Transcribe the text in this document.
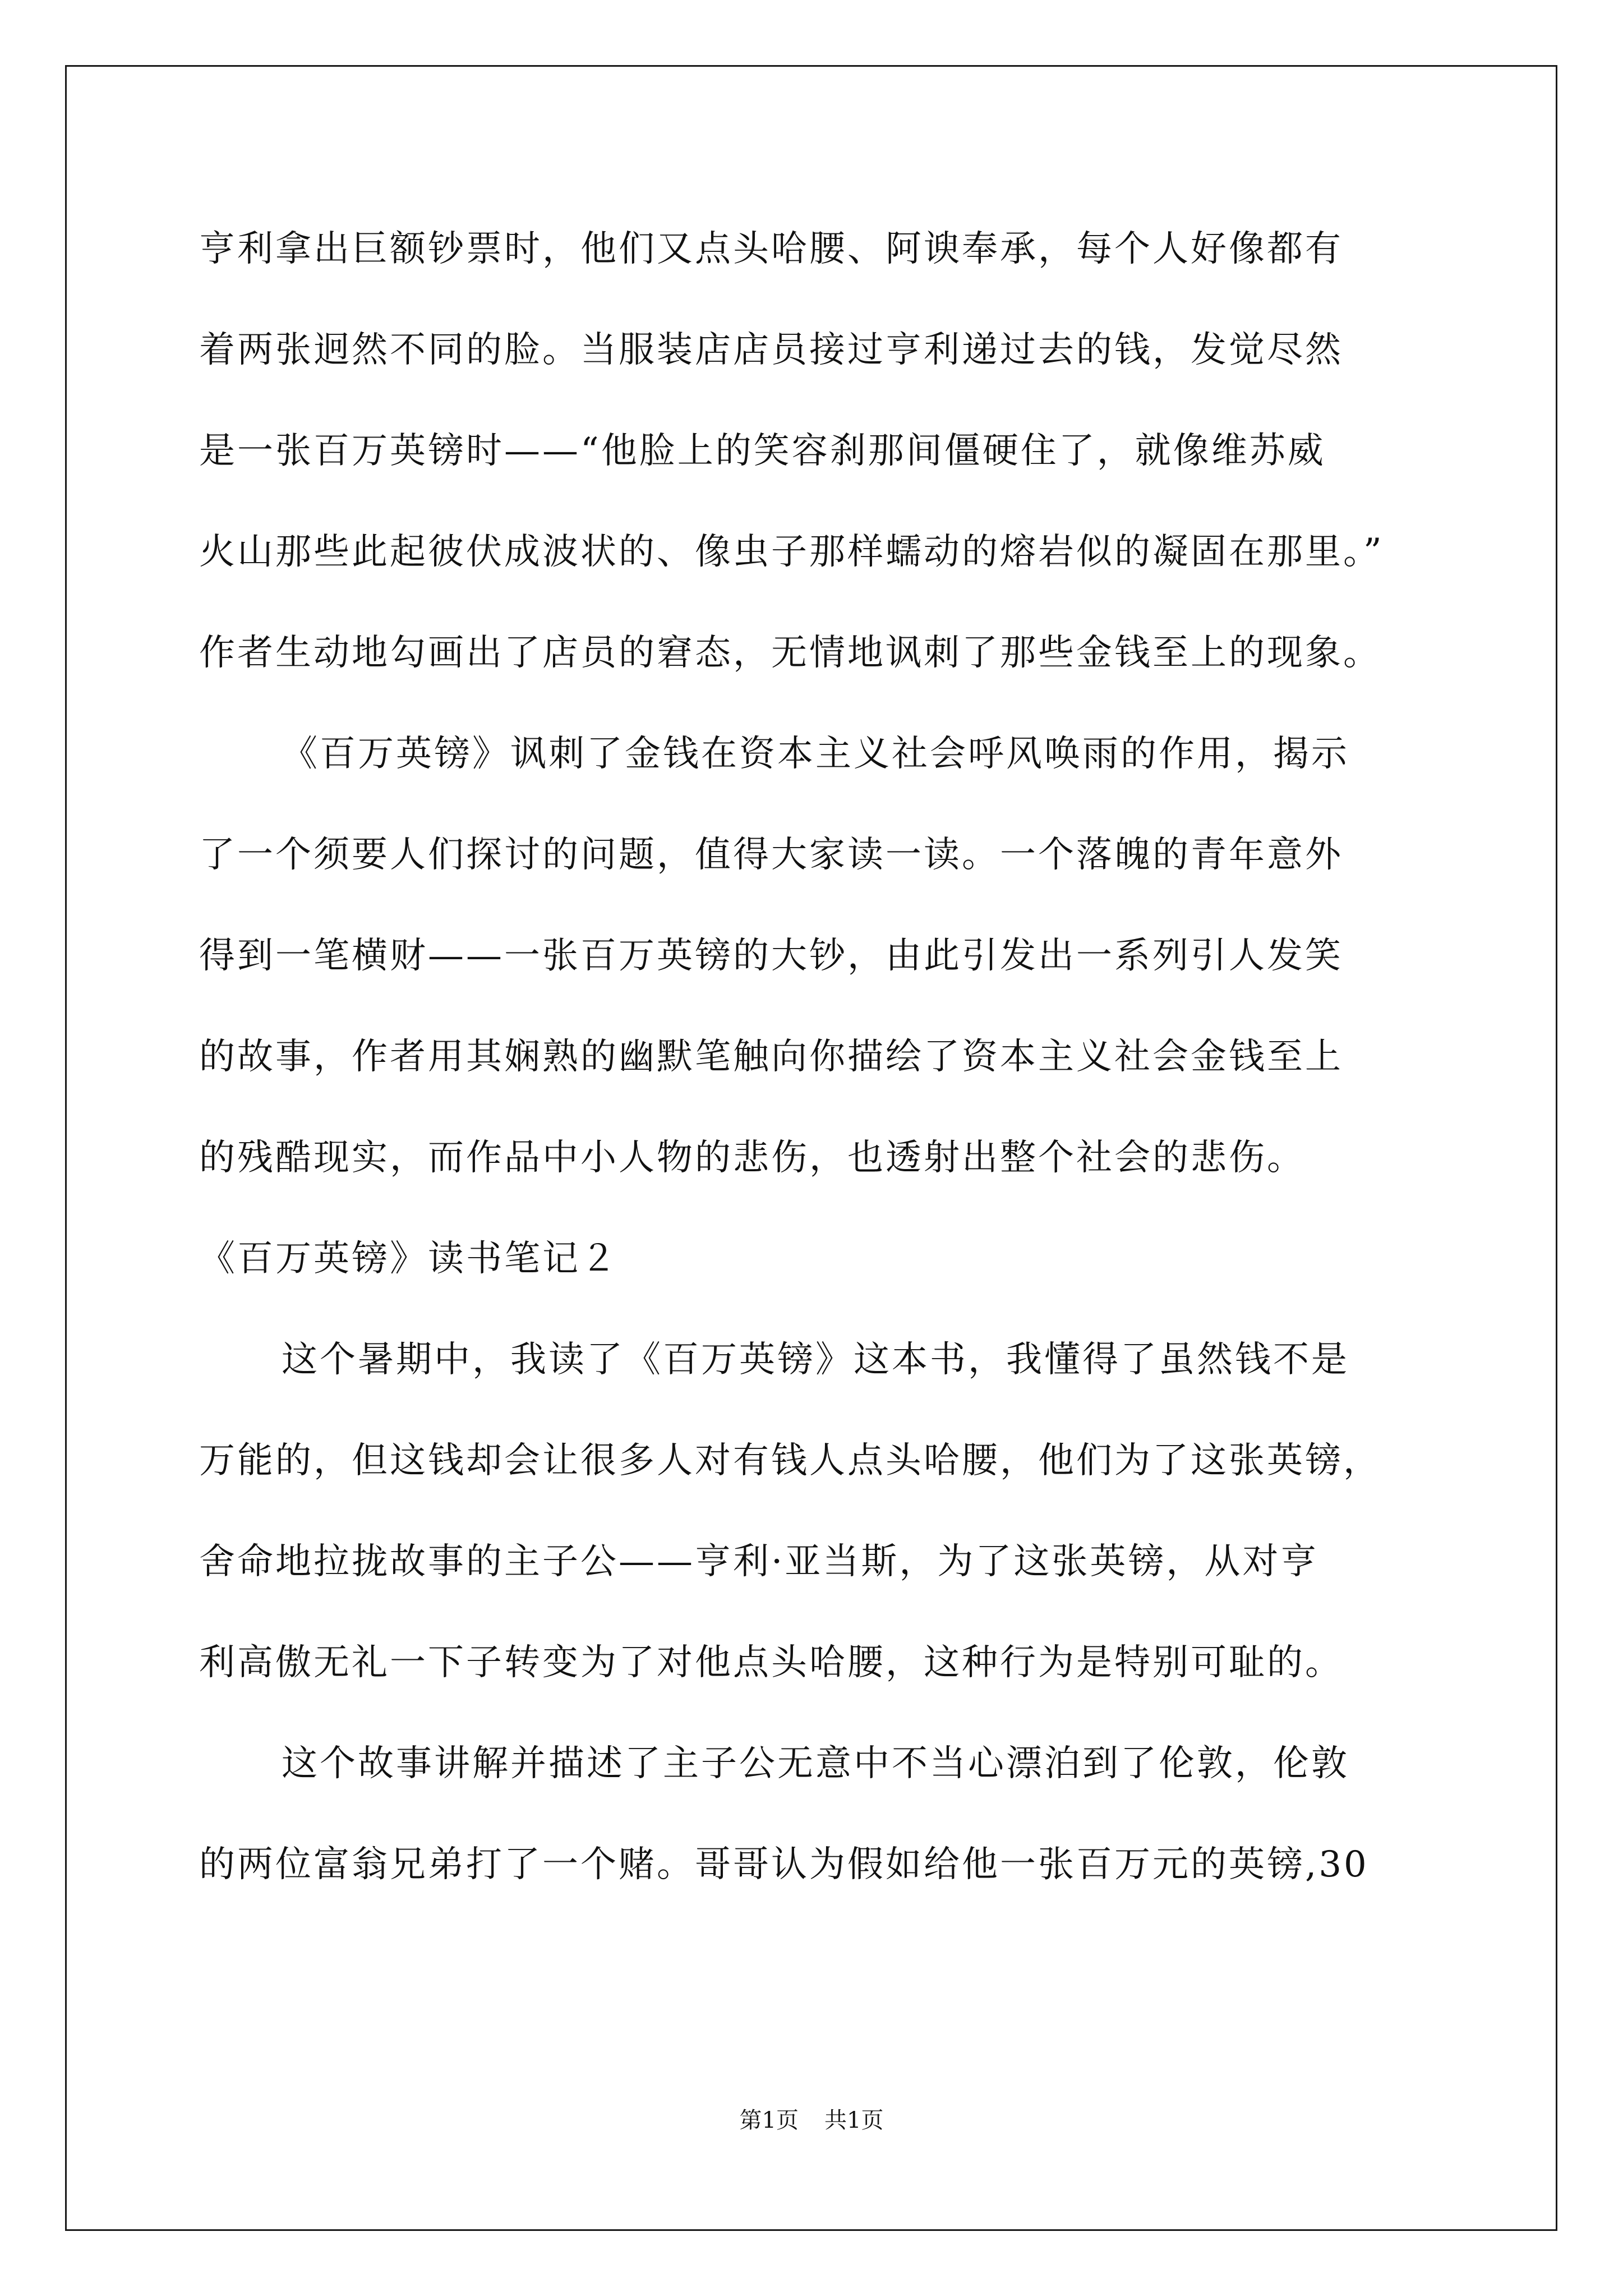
亨利拿出巨额钞票时，他们又点头哈腰、阿谀奉承，每个人好像都有
着两张迥然不同的脸。当服装店店员接过亨利递过去的钱，发觉尽然
是一张百万英镑时——“他脸上的笑容刹那间僵硬住了，就像维苏威
火山那些此起彼伏成波状的、像虫子那样蠕动的熔岩似的凝固在那里。”
作者生动地勾画出了店员的窘态，无情地讽刺了那些金钱至上的现象。
《百万英镑》讽刺了金钱在资本主义社会呼风唤雨的作用，揭示
了一个须要人们探讨的问题，值得大家读一读。一个落魄的青年意外
得到一笔横财——一张百万英镑的大钞，由此引发出一系列引人发笑
的故事，作者用其娴熟的幽默笔触向你描绘了资本主义社会金钱至上
的残酷现实，而作品中小人物的悲伤，也透射出整个社会的悲伤。
《百万英镑》读书笔记２
这个暑期中，我读了《百万英镑》这本书，我懂得了虽然钱不是
万能的，但这钱却会让很多人对有钱人点头哈腰，他们为了这张英镑，
舍命地拉拢故事的主子公——亨利·亚当斯，为了这张英镑，从对亨
利高傲无礼一下子转变为了对他点头哈腰，这种行为是特别可耻的。
这个故事讲解并描述了主子公无意中不当心漂泊到了伦敦，伦敦
的两位富翁兄弟打了一个赌。哥哥认为假如给他一张百万元的英镑,30
第1页 共1页
